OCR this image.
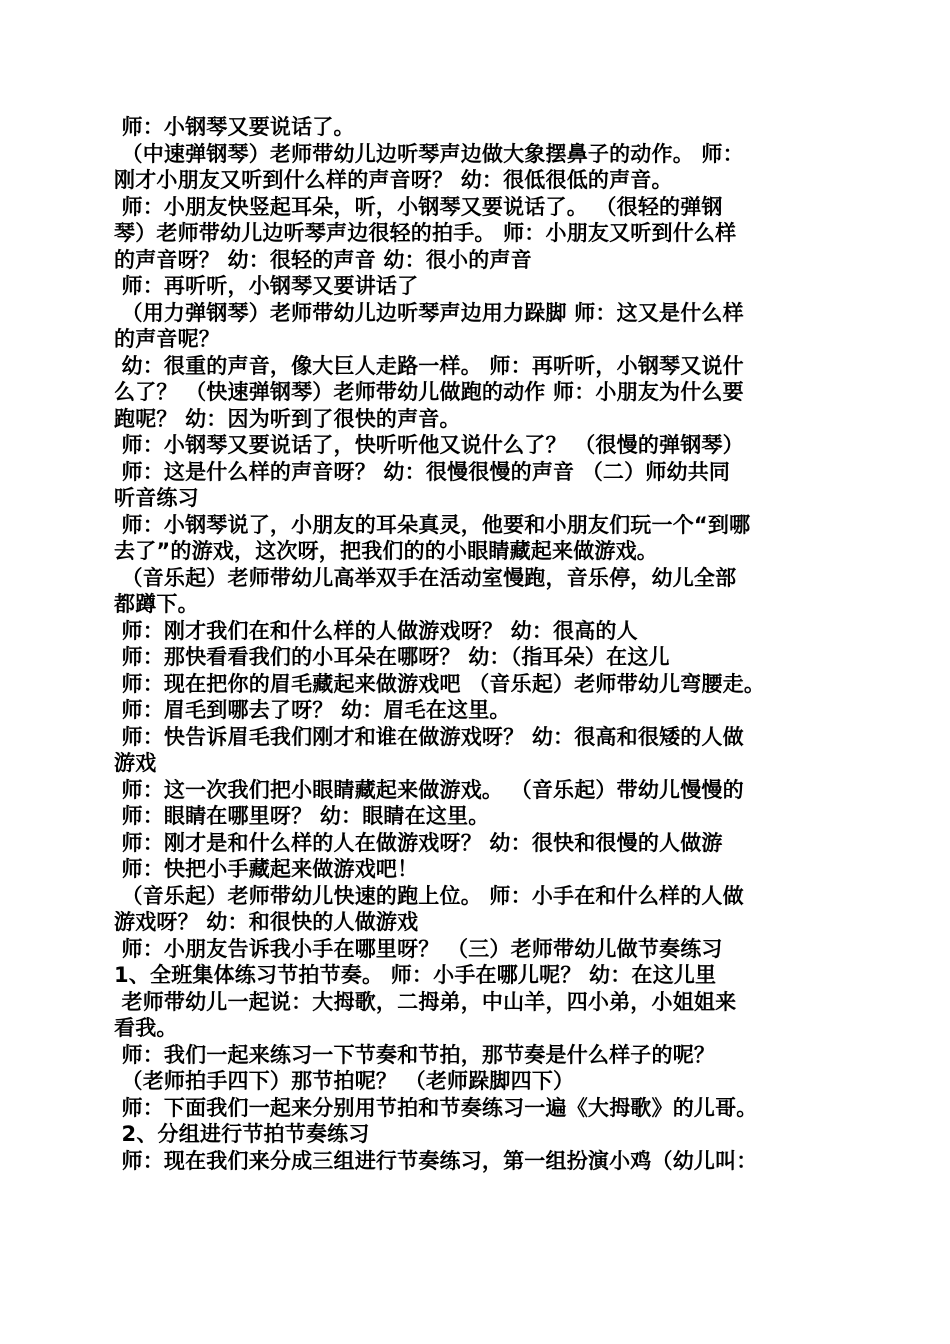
师：小钢琴又要说话了。
（中速弹钢琴）老师带幼儿边听琴声边做大象摆鼻子的动作。 师：
刚才小朋友又听到什么样的声音呀？ 幼：很低很低的声音。
师：小朋友快竖起耳朵，听，小钢琴又要说话了。 （很轻的弹钢
琴）老师带幼儿边听琴声边很轻的拍手。 师：小朋友又听到什么样
的声音呀？ 幼：很轻的声音 幼：很小的声音
师：再听听，小钢琴又要讲话了
（用力弹钢琴）老师带幼儿边听琴声边用力跺脚 师：这又是什么样
的声音呢？
幼：很重的声音，像大巨人走路一样。 师：再听听，小钢琴又说什
么了？ （快速弹钢琴）老师带幼儿做跑的动作 师：小朋友为什么要
跑呢？ 幼：因为听到了很快的声音。
师：小钢琴又要说话了，快听听他又说什么了？ （很慢的弹钢琴）
师：这是什么样的声音呀？ 幼：很慢很慢的声音 （二）师幼共同
听音练习
师：小钢琴说了，小朋友的耳朵真灵，他要和小朋友们玩一个“到哪
去了”的游戏，这次呀，把我们的的小眼睛藏起来做游戏。
（音乐起）老师带幼儿高举双手在活动室慢跑，音乐停，幼儿全部
都蹲下。
师：刚才我们在和什么样的人做游戏呀？ 幼：很高的人
师：那快看看我们的小耳朵在哪呀？ 幼：（指耳朵）在这儿
师：现在把你的眉毛藏起来做游戏吧 （音乐起）老师带幼儿弯腰走。
师：眉毛到哪去了呀？ 幼：眉毛在这里。
师：快告诉眉毛我们刚才和谁在做游戏呀？ 幼：很高和很矮的人做
游戏
师：这一次我们把小眼睛藏起来做游戏。 （音乐起）带幼儿慢慢的
师：眼睛在哪里呀？ 幼：眼睛在这里。
师：刚才是和什么样的人在做游戏呀？ 幼：很快和很慢的人做游
师：快把小手藏起来做游戏吧！
（音乐起）老师带幼儿快速的跑上位。 师：小手在和什么样的人做
游戏呀？ 幼：和很快的人做游戏
师：小朋友告诉我小手在哪里呀？ （三）老师带幼儿做节奏练习
1、全班集体练习节拍节奏。 师：小手在哪儿呢？ 幼：在这儿里
老师带幼儿一起说：大拇歌，二拇弟，中山羊，四小弟，小姐姐来
看我。
师：我们一起来练习一下节奏和节拍，那节奏是什么样子的呢？
（老师拍手四下）那节拍呢？ （老师跺脚四下）
师：下面我们一起来分别用节拍和节奏练习一遍《大拇歌》的儿哥。
2、分组进行节拍节奏练习
师：现在我们来分成三组进行节奏练习，第一组扮演小鸡（幼儿叫：
